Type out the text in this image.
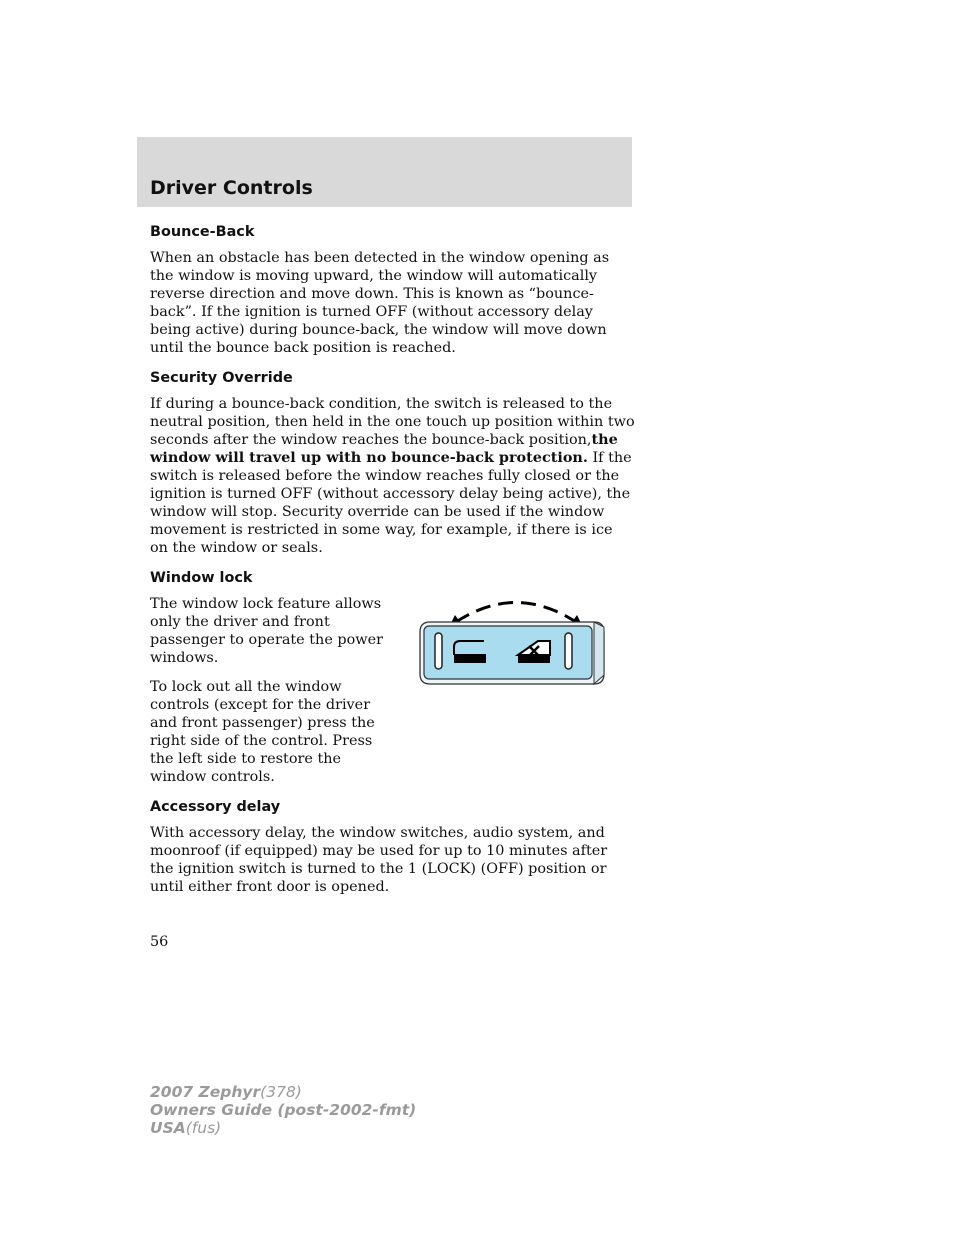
Driver Controls
Bounce-Back

When an obstacle has been detected in the window opening as the window is moving upward, the window will automatically reverse direction and move down. This is known as “bounce-back”. If the ignition is turned OFF (without accessory delay being active) during bounce-back, the window will move down until the bounce back position is reached.

Security Override

If during a bounce-back condition, the switch is released to the neutral position, then held in the one touch up position within two seconds after the window reaches the bounce-back position,the window will travel up with no bounce-back protection. If the switch is released before the window reaches fully closed or the ignition is turned OFF (without accessory delay being active), the window will stop. Security override can be used if the window movement is restricted in some way, for example, if there is ice on the window or seals.

Window lock

The window lock feature allows only the driver and front passenger to operate the power windows.

To lock out all the window controls (except for the driver and front passenger) press the right side of the control. Press the left side to restore the window controls.

Accessory delay

With accessory delay, the window switches, audio system, and moonroof (if equipped) may be used for up to 10 minutes after the ignition switch is turned to the 1 (LOCK) (OFF) position or until either front door is opened.

56
2007 Zephyr(378)
Owners Guide (post-2002-fmt)
USA(fus)
